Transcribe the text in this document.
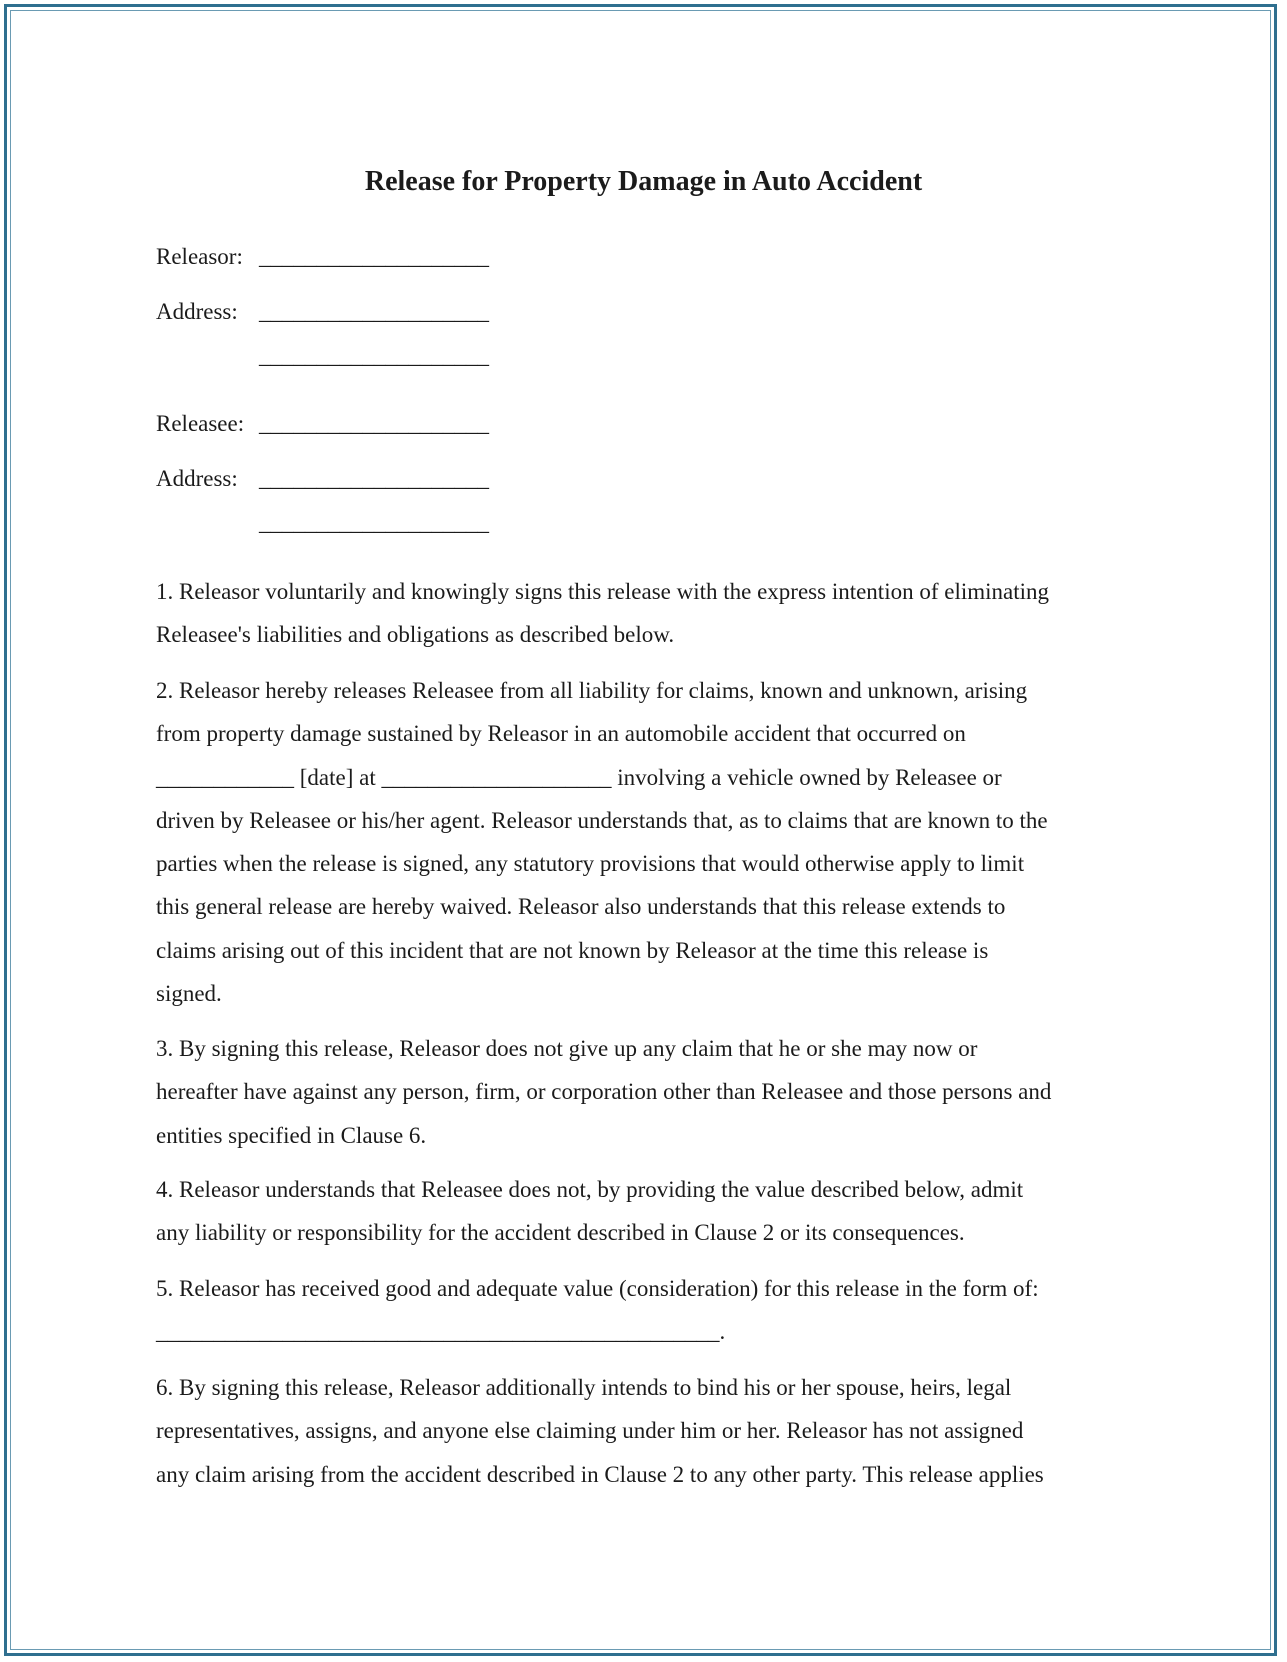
Release for Property Damage in Auto Accident
Releasor: ____________________
Address: ____________________
____________________
Releasee: ____________________
Address: ____________________
____________________
1. Releasor voluntarily and knowingly signs this release with the express intention of eliminating
Releasee's liabilities and obligations as described below.
2. Releasor hereby releases Releasee from all liability for claims, known and unknown, arising
from property damage sustained by Releasor in an automobile accident that occurred on
____________ [date] at ____________________ involving a vehicle owned by Releasee or
driven by Releasee or his/her agent. Releasor understands that, as to claims that are known to the
parties when the release is signed, any statutory provisions that would otherwise apply to limit
this general release are hereby waived. Releasor also understands that this release extends to
claims arising out of this incident that are not known by Releasor at the time this release is
signed.
3. By signing this release, Releasor does not give up any claim that he or she may now or
hereafter have against any person, firm, or corporation other than Releasee and those persons and
entities specified in Clause 6.
4. Releasor understands that Releasee does not, by providing the value described below, admit
any liability or responsibility for the accident described in Clause 2 or its consequences.
5. Releasor has received good and adequate value (consideration) for this release in the form of:
_________________________________________________.
6. By signing this release, Releasor additionally intends to bind his or her spouse, heirs, legal
representatives, assigns, and anyone else claiming under him or her. Releasor has not assigned
any claim arising from the accident described in Clause 2 to any other party. This release applies
